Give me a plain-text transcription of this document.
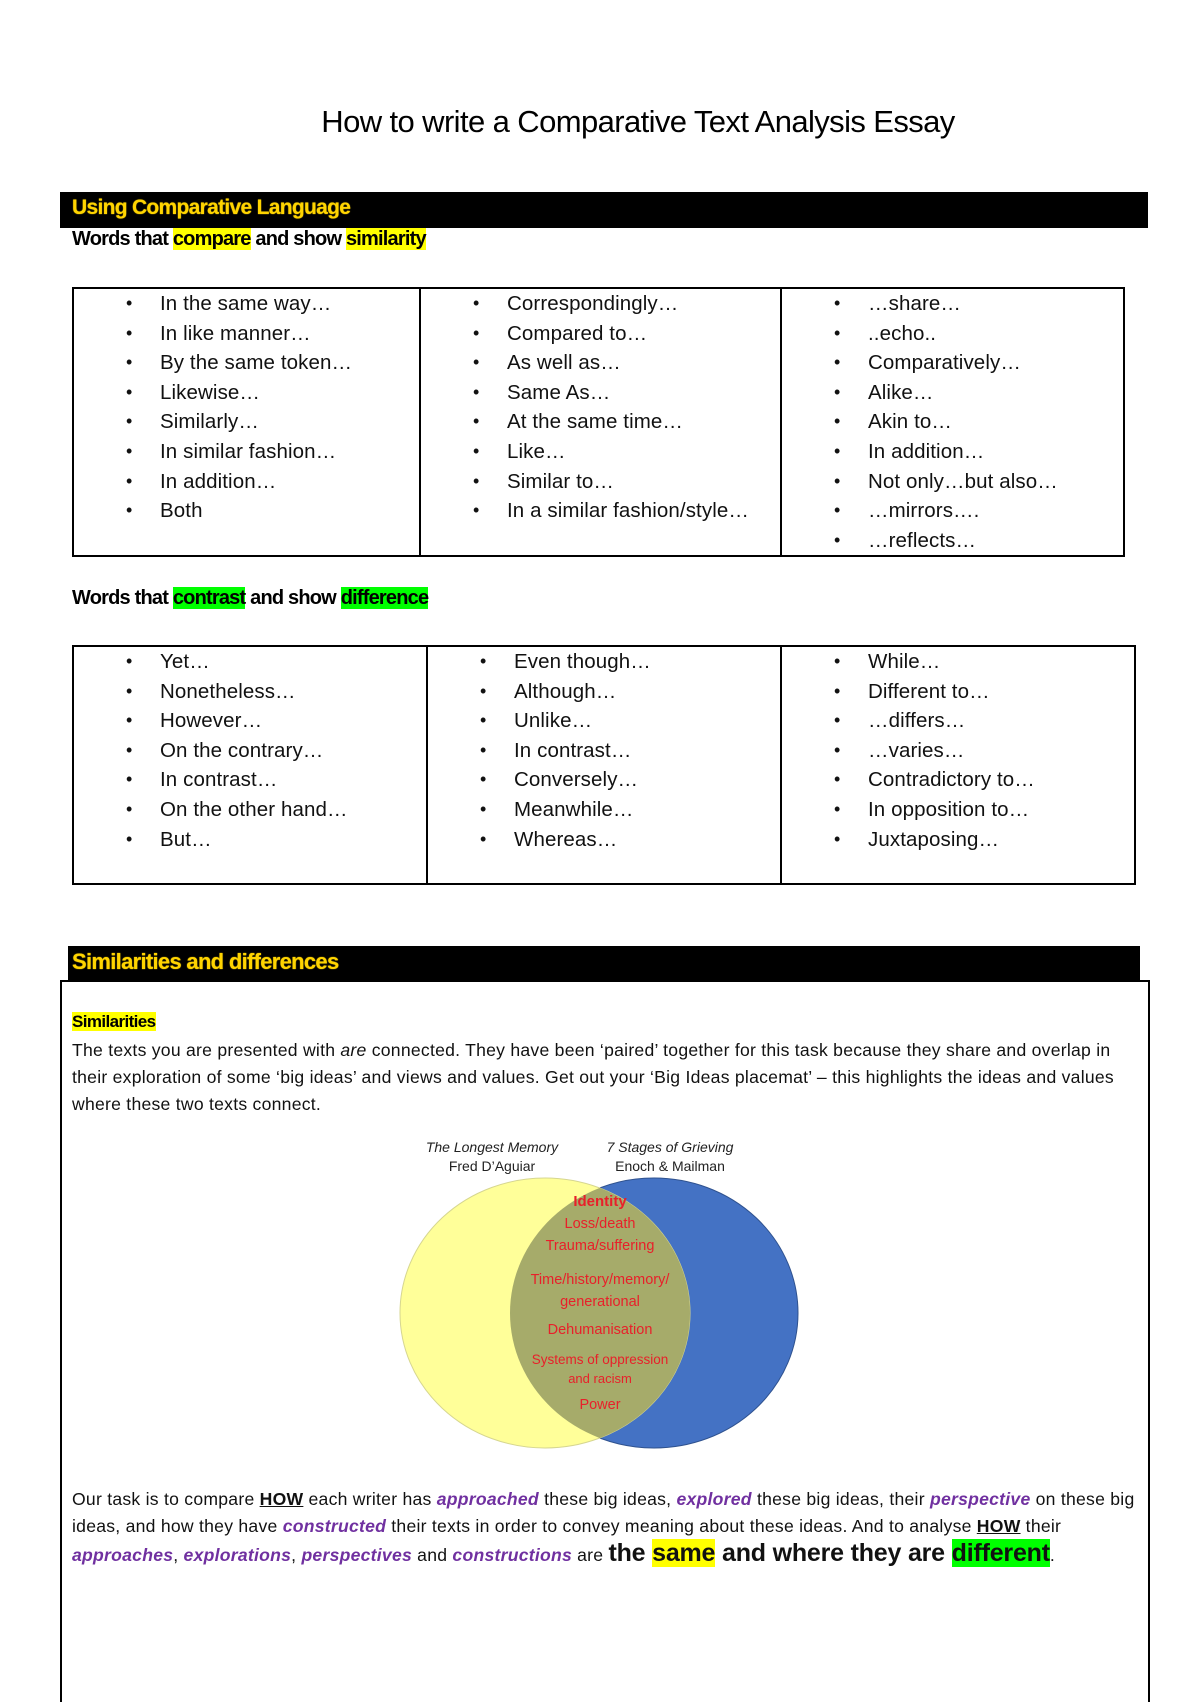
How to write a Comparative Text Analysis Essay
Using Comparative Language
Words that compare and show similarity
• In the same way…
• In like manner…
• By the same token…
• Likewise…
• Similarly…
• In similar fashion…
• In addition…
• Both

• Correspondingly…
• Compared to…
• As well as…
• Same As…
• At the same time…
• Like…
• Similar to…
• In a similar fashion/style…

• …share…
• ..echo..
• Comparatively…
• Alike…
• Akin to…
• In addition…
• Not only…but also…
• …mirrors….
• …reflects…
Words that contrast and show difference
• Yet…
• Nonetheless…
• However…
• On the contrary…
• In contrast…
• On the other hand…
• But…

• Even though…
• Although…
• Unlike…
• In contrast…
• Conversely…
• Meanwhile…
• Whereas…

• While…
• Different to…
• …differs…
• …varies…
• Contradictory to…
• In opposition to…
• Juxtaposing…
Similarities and differences
Similarities
The texts you are presented with are connected. They have been ‘paired’ together for this task because they share and overlap in their exploration of some ‘big ideas’ and views and values. Get out your ‘Big Ideas placemat’ – this highlights the ideas and values where these two texts connect.
The Longest Memory
Fred D’Aguiar
7 Stages of Grieving
Enoch & Mailman
Identity
Loss/death
Trauma/suffering
Time/history/memory/
generational
Dehumanisation
Systems of oppression
and racism
Power
Our task is to compare HOW each writer has approached these big ideas, explored these big ideas, their perspective on these big ideas, and how they have constructed their texts in order to convey meaning about these ideas. And to analyse HOW their approaches, explorations, perspectives and constructions are the same and where they are different.
